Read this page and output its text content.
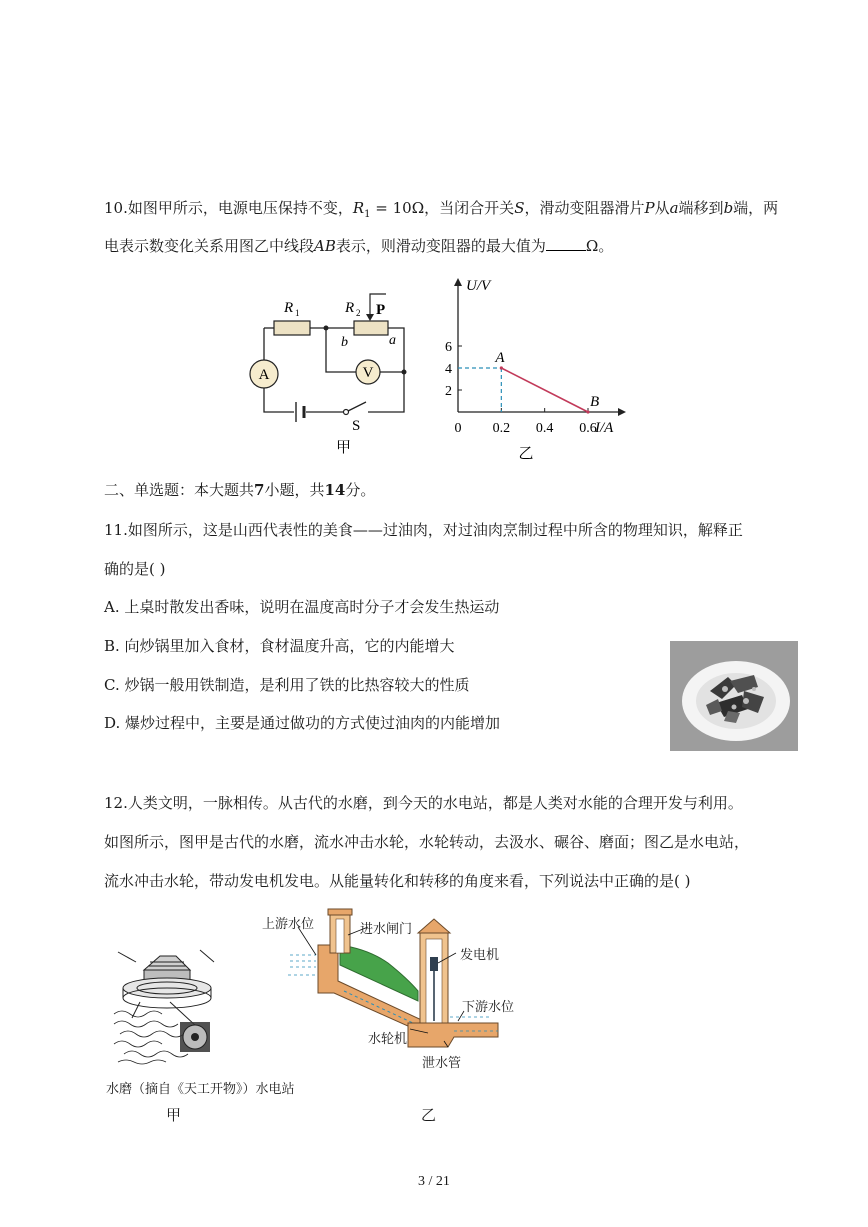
10.如图甲所示，电源电压保持不变，$R_1 = 10\Omega$，当闭合开关S，滑动变阻器滑片P从a端移到b端，两
电表示数变化关系用图乙中线段AB表示，则滑动变阻器的最大值为	Ω。
A	V
R 1	R 2 P
b	a
S
甲
U/V
I/A
0 0.2 0.4 0.6
2
4
6
乙
A
B
二、单选题：本大题共7小题，共14分。
11.如图所示，这是山西代表性的美食——过油肉，对过油肉烹制过程中所含的物理知识，解释正
确的是( )
A. 上桌时散发出香味，说明在温度高时分子才会发生热运动
B. 向炒锅里加入食材，食材温度升高，它的内能增大
C. 炒锅一般用铁制造，是利用了铁的比热容较大的性质
D. 爆炒过程中，主要是通过做功的方式使过油肉的内能增加
12.人类文明，一脉相传。从古代的水磨，到今天的水电站，都是人类对水能的合理开发与利用。
如图所示，图甲是古代的水磨，流水冲击水轮，水轮转动，去汲水、碾谷、磨面；图乙是水电站，
流水冲击水轮，带动发电机发电。从能量转化和转移的角度来看，下列说法中正确的是( )
上游水位	进水闸门
发电机
下游水位
水轮机
泄水管
水磨（摘自《天工开物》）水电站
甲	乙
3 / 21
